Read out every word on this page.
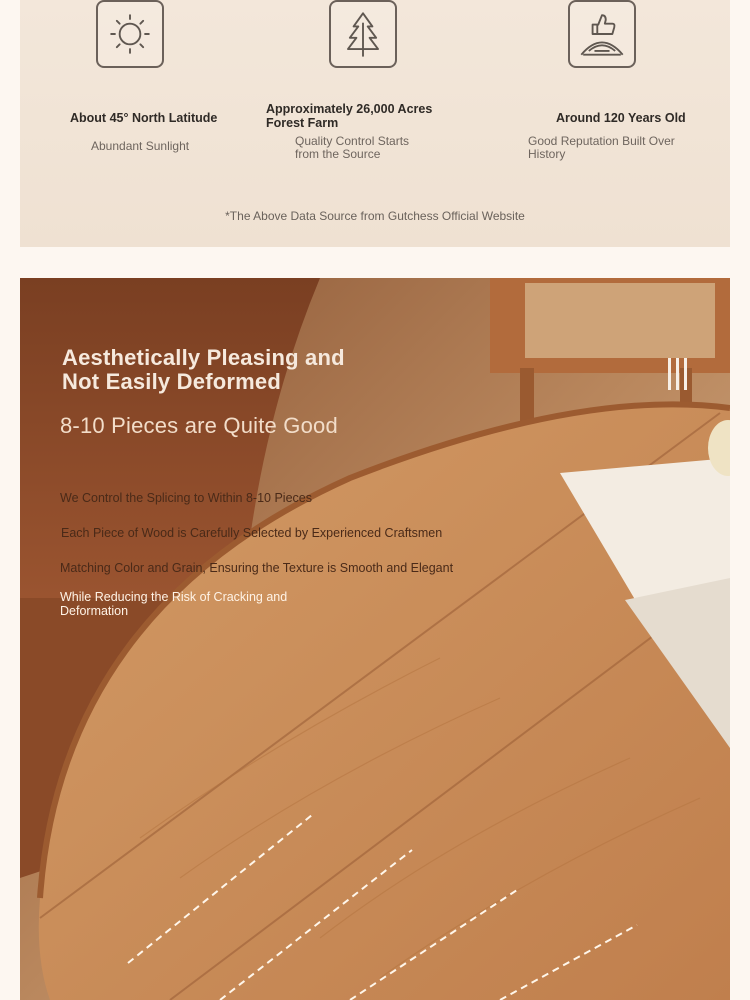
About 45° North Latitude
Abundant Sunlight
Approximately 26,000 Acres Forest Farm
Quality Control Starts from the Source
Around 120 Years Old
Good Reputation Built Over History
*The Above Data Source from Gutchess Official Website
Aesthetically Pleasing and Not Easily Deformed
8-10 Pieces are Quite Good
We Control the Splicing to Within 8-10 Pieces
Each Piece of Wood is Carefully Selected by Experienced Craftsmen
Matching Color and Grain, Ensuring the Texture is Smooth and Elegant
While Reducing the Risk of Cracking and Deformation
